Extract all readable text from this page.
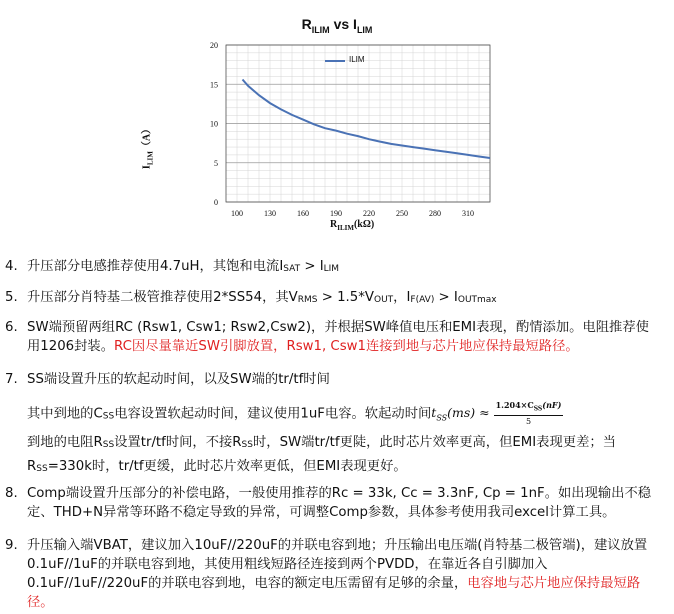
$R_{ILIM}$ vs $I_{LIM}$
0
5
10
15
20
100	130	160	190	220	250	280	310
$I_{LIM}(A)$
$R_{ILIM}(k\Omega)$
ILIM
4. 升压部分电感推荐使用4.7uH，其饱和电流ISAT > ILIM
5. 升压部分肖特基二极管推荐使用2*SS54，其VRMS > 1.5*VOUT，IF(AV) > IOUTmax
6. SW端预留两组RC (Rsw1, Csw1; Rsw2,Csw2)，并根据SW峰值电压和EMI表现，酌情添加。电阻推荐使
用1206封装。RC因尽量靠近SW引脚放置，Rsw1, Csw1连接到地与芯片地应保持最短路径。
7. SS端设置升压的软起动时间，以及SW端的tr/tf时间
其中到地的CSS电容设置软起动时间，建议使用1uF电容。软起动时间$t_{SS}(ms) \approx \frac{1.204\times C_{SS}(nF)}{5}$
到地的电阻RSS设置tr/tf时间，不接RSS时，SW端tr/tf更陡，此时芯片效率更高，但EMI表现更差；当
RSS=330k时，tr/tf更缓，此时芯片效率更低，但EMI表现更好。
8. Comp端设置升压部分的补偿电路，一般使用推荐的Rc = 33k, Cc = 3.3nF, Cp = 1nF。如出现输出不稳
定、THD+N异常等环路不稳定导致的异常，可调整Comp参数，具体参考使用我司excel计算工具。
9. 升压输入端VBAT，建议加入10uF//220uF的并联电容到地；升压输出电压端(肖特基二极管端)，建议放置
0.1uF//1uF的并联电容到地，其使用粗线短路径连接到两个PVDD，在靠近各自引脚加入
0.1uF//1uF//220uF的并联电容到地，电容的额定电压需留有足够的余量，电容地与芯片地应保持最短路
径。
